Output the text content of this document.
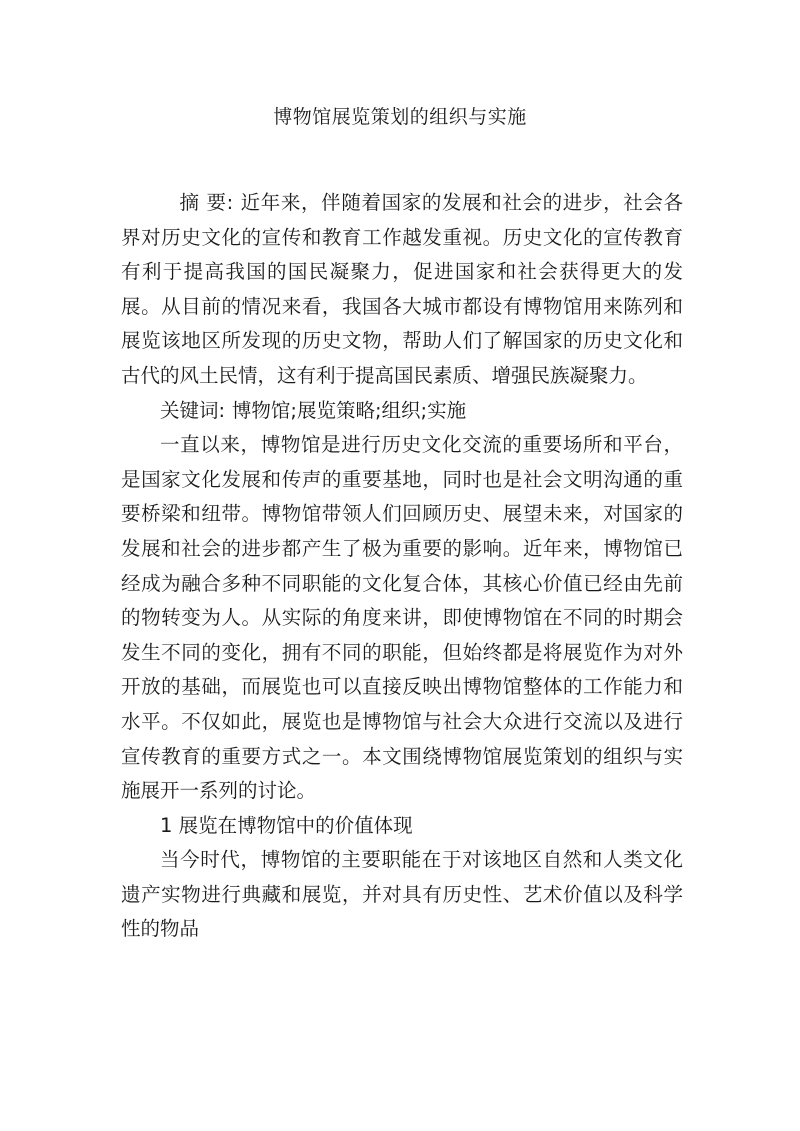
博物馆展览策划的组织与实施

摘 要: 近年来，伴随着国家的发展和社会的进步，社会各界对历史文化的宣传和教育工作越发重视。历史文化的宣传教育有利于提高我国的国民凝聚力，促进国家和社会获得更大的发展。从目前的情况来看，我国各大城市都设有博物馆用来陈列和展览该地区所发现的历史文物，帮助人们了解国家的历史文化和古代的风土民情，这有利于提高国民素质、增强民族凝聚力。

关键词: 博物馆;展览策略;组织;实施

一直以来，博物馆是进行历史文化交流的重要场所和平台，是国家文化发展和传声的重要基地，同时也是社会文明沟通的重要桥梁和纽带。博物馆带领人们回顾历史、展望未来，对国家的发展和社会的进步都产生了极为重要的影响。近年来，博物馆已经成为融合多种不同职能的文化复合体，其核心价值已经由先前的物转变为人。从实际的角度来讲，即使博物馆在不同的时期会发生不同的变化，拥有不同的职能，但始终都是将展览作为对外开放的基础，而展览也可以直接反映出博物馆整体的工作能力和水平。不仅如此，展览也是博物馆与社会大众进行交流以及进行宣传教育的重要方式之一。本文围绕博物馆展览策划的组织与实施展开一系列的讨论。

1 展览在博物馆中的价值体现

当今时代，博物馆的主要职能在于对该地区自然和人类文化遗产实物进行典藏和展览，并对具有历史性、艺术价值以及科学性的物品
